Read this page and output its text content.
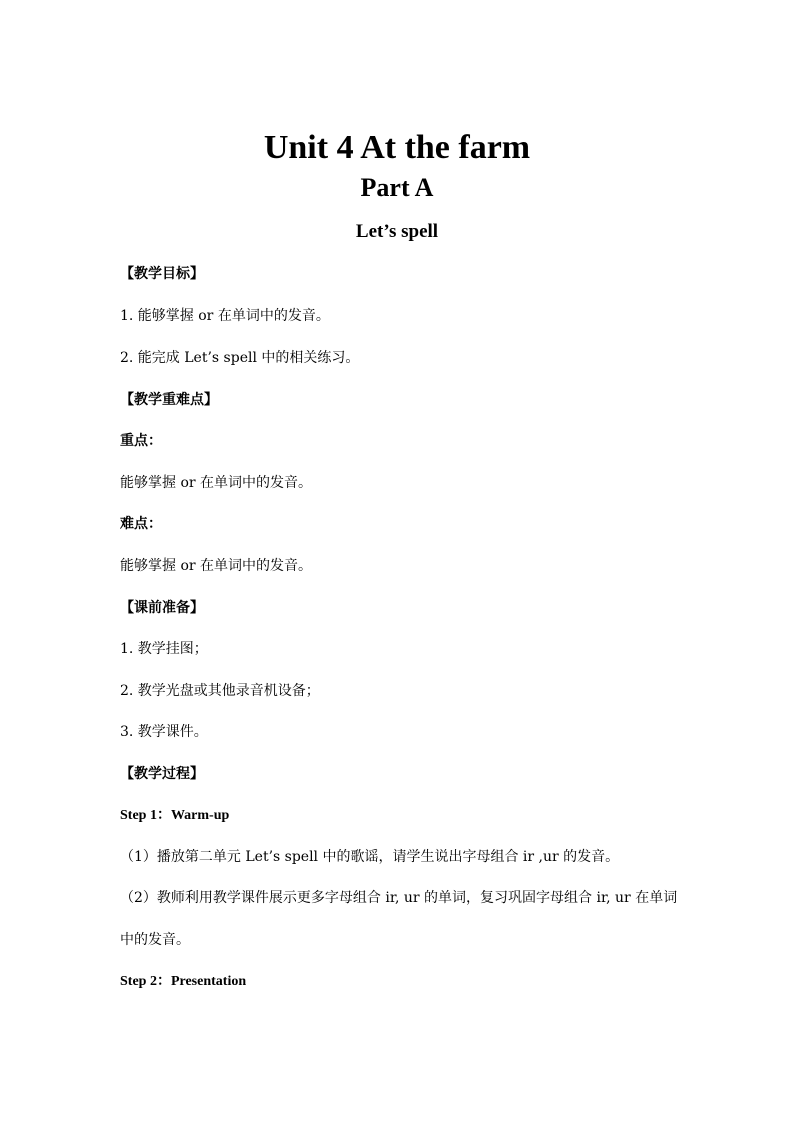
Unit 4 At the farm
Part A
Let’s spell
【教学目标】
1. 能够掌握 or 在单词中的发音。
2. 能完成 Let’s spell 中的相关练习。
【教学重难点】
重点：
能够掌握 or 在单词中的发音。
难点：
能够掌握 or 在单词中的发音。
【课前准备】
1. 教学挂图；
2. 教学光盘或其他录音机设备；
3. 教学课件。
【教学过程】
Step 1：Warm-up
（1）播放第二单元 Let’s spell 中的歌谣，请学生说出字母组合 ir ,ur 的发音。
（2）教师利用教学课件展示更多字母组合 ir, ur 的单词，复习巩固字母组合 ir, ur 在单词中的发音。
Step 2：Presentation
